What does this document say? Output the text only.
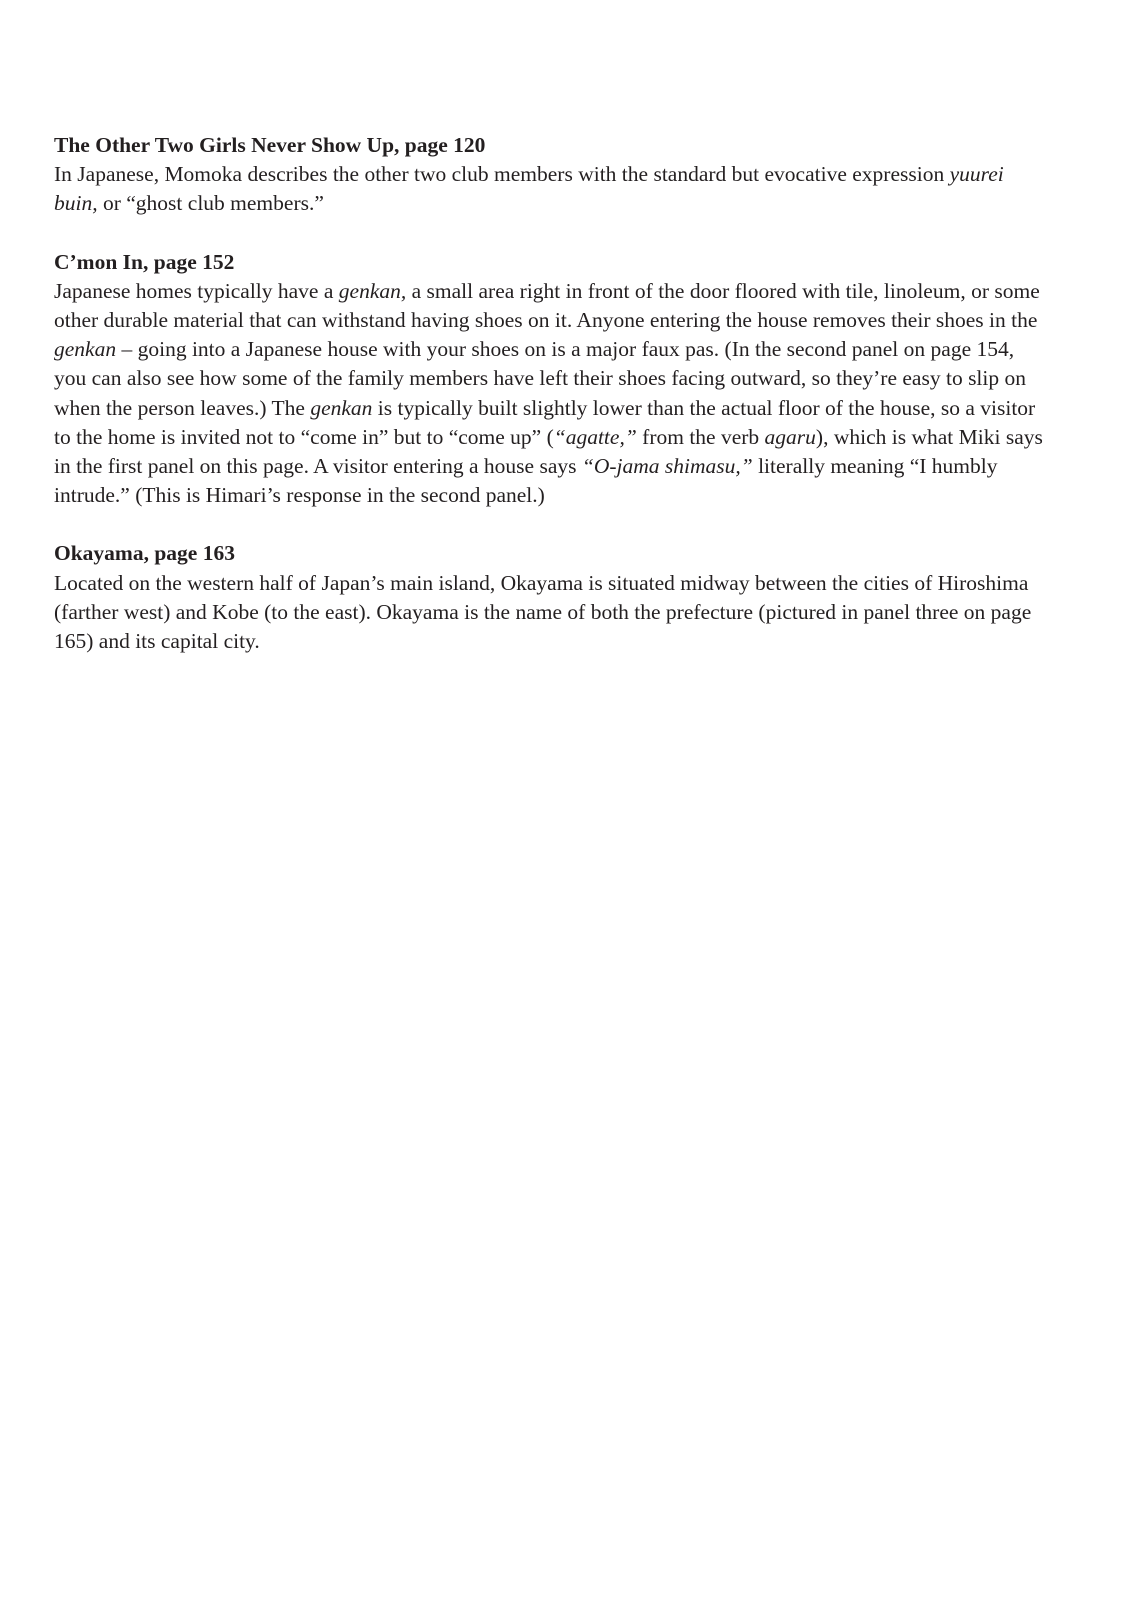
The Other Two Girls Never Show Up, page 120

In Japanese, Momoka describes the other two club members with the standard but evocative expression yuurei buin, or “ghost club members.”

C’mon In, page 152

Japanese homes typically have a genkan, a small area right in front of the door floored with tile, linoleum, or some other durable material that can withstand having shoes on it. Anyone entering the house removes their shoes in the genkan – going into a Japanese house with your shoes on is a major faux pas. (In the second panel on page 154, you can also see how some of the family members have left their shoes facing outward, so they’re easy to slip on when the person leaves.) The genkan is typically built slightly lower than the actual floor of the house, so a visitor to the home is invited not to “come in” but to “come up” (“agatte,” from the verb agaru), which is what Miki says in the first panel on this page. A visitor entering a house says “O-jama shimasu,” literally meaning “I humbly intrude.” (This is Himari’s response in the second panel.)

Okayama, page 163

Located on the western half of Japan’s main island, Okayama is situated midway between the cities of Hiroshima (farther west) and Kobe (to the east). Okayama is the name of both the prefecture (pictured in panel three on page 165) and its capital city.
